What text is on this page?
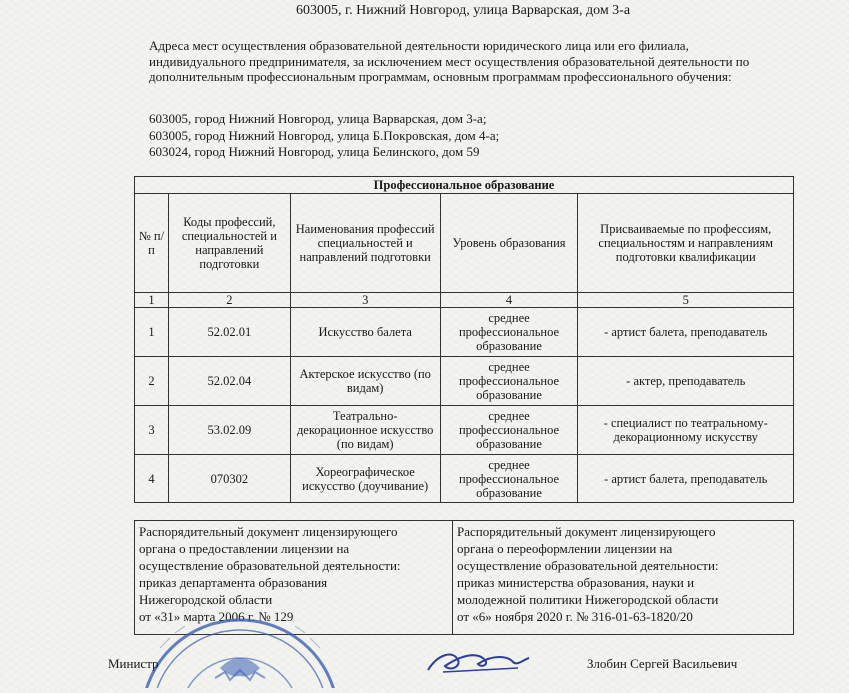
603005, г. Нижний Новгород, улица Варварская, дом 3-а
Адреса мест осуществления образовательной деятельности юридического лица или его филиала, индивидуального предпринимателя, за исключением мест осуществления образовательной деятельности по дополнительным профессиональным программам, основным программам профессионального обучения:
603005, город Нижний Новгород, улица Варварская, дом 3-а;
603005, город Нижний Новгород, улица Б.Покровская, дом 4-а;
603024, город Нижний Новгород, улица Белинского, дом 59
Профессиональное образование				
№ п/п	Коды профессий, специальностей и направлений подготовки	Наименования профессий специальностей и направлений подготовки	Уровень образования	Присваиваемые по профессиям, специальностям и направлениям подготовки квалификации
1	2	3	4	5
1	52.02.01	Искусство балета	среднее профессиональное образование	- артист балета, преподаватель
2	52.02.04	Актерское искусство (по видам)	среднее профессиональное образование	- актер, преподаватель
3	53.02.09	Театрально-декорационное искусство (по видам)	среднее профессиональное образование	- специалист по театральному-декорационному искусству
4	070302	Хореографическое искусство (доучивание)	среднее профессиональное образование	- артист балета, преподаватель
Распорядительный документ лицензирующего
органа о предоставлении лицензии на
осуществление образовательной деятельности:
приказ департамента образования
Нижегородской области
от «31» марта 2006 г. № 129
Распорядительный документ лицензирующего
органа о переоформлении лицензии на
осуществление образовательной деятельности:
приказ министерства образования, науки и
молодежной политики Нижегородской области
от «6» ноября 2020 г. № 316-01-63-1820/20
Министр	Злобин Сергей Васильевич
